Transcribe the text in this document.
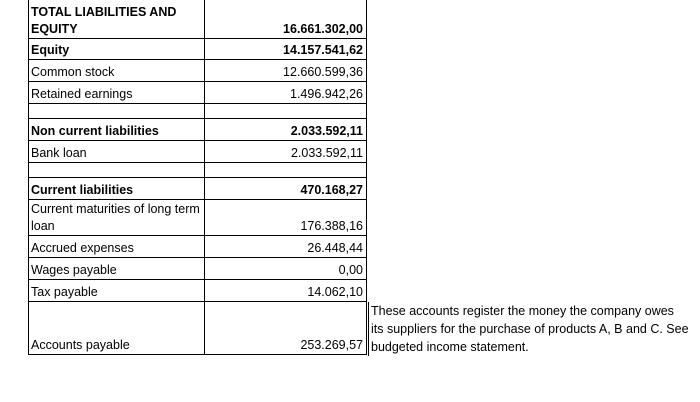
TOTAL LIABILITIES AND EQUITY	16.661.302,00
Equity	14.157.541,62
Common stock	12.660.599,36
Retained earnings	1.496.942,26

Non current liabilities	2.033.592,11
Bank loan	2.033.592,11

Current liabilities	470.168,27
Current maturities of long term loan	176.388,16
Accrued expenses	26.448,44
Wages payable	0,00
Tax payable	14.062,10
Accounts payable	253.269,57
These accounts register the money the company owes its suppliers for the purchase of products A, B and C. See budgeted income statement.
